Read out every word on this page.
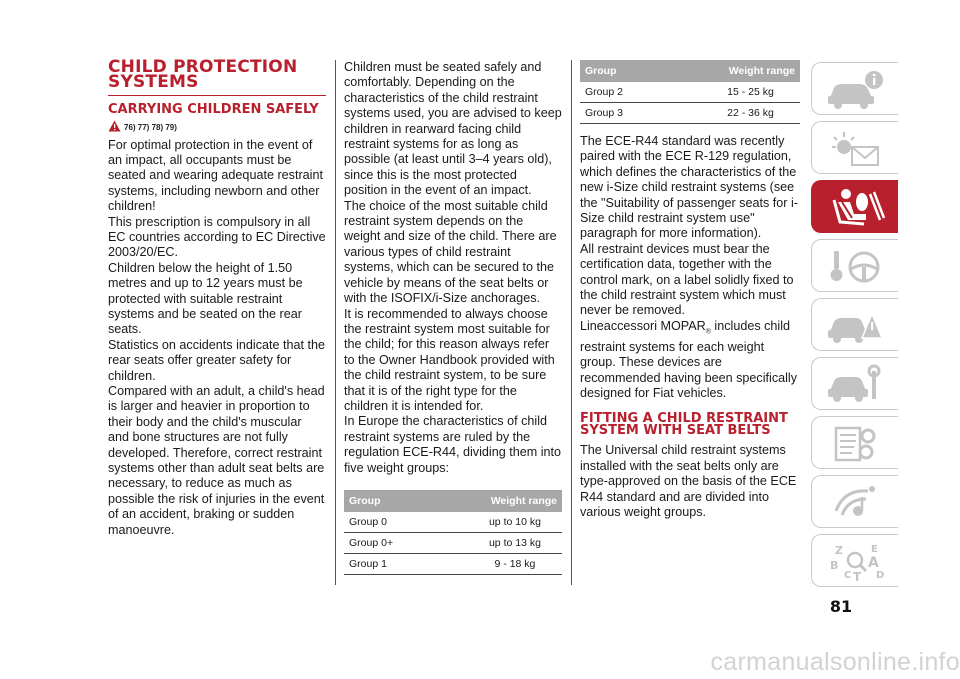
CHILD PROTECTION SYSTEMS
CARRYING CHILDREN SAFELY
76) 77) 78) 79)

For optimal protection in the event of an impact, all occupants must be seated and wearing adequate restraint systems, including newborn and other children!
This prescription is compulsory in all EC countries according to EC Directive 2003/20/EC.
Children below the height of 1.50 metres and up to 12 years must be protected with suitable restraint systems and be seated on the rear seats.
Statistics on accidents indicate that the rear seats offer greater safety for children.
Compared with an adult, a child's head is larger and heavier in proportion to their body and the child's muscular and bone structures are not fully developed. Therefore, correct restraint systems other than adult seat belts are necessary, to reduce as much as possible the risk of injuries in the event of an accident, braking or sudden manoeuvre.

Children must be seated safely and comfortably. Depending on the characteristics of the child restraint systems used, you are advised to keep children in rearward facing child restraint systems for as long as possible (at least until 3–4 years old), since this is the most protected position in the event of an impact.
The choice of the most suitable child restraint system depends on the weight and size of the child. There are various types of child restraint systems, which can be secured to the vehicle by means of the seat belts or with the ISOFIX/i-Size anchorages.
It is recommended to always choose the restraint system most suitable for the child; for this reason always refer to the Owner Handbook provided with the child restraint system, to be sure that it is of the right type for the children it is intended for.
In Europe the characteristics of child restraint systems are ruled by the regulation ECE-R44, dividing them into five weight groups:

Group	Weight range
Group 0	up to 10 kg
Group 0+	up to 13 kg
Group 1	9 - 18 kg
Group	Weight range
Group 2	15 - 25 kg
Group 3	22 - 36 kg

The ECE-R44 standard was recently paired with the ECE R-129 regulation, which defines the characteristics of the new i-Size child restraint systems (see the "Suitability of passenger seats for i-Size child restraint system use" paragraph for more information).
All restraint devices must bear the certification data, together with the control mark, on a label solidly fixed to the child restraint system which must never be removed.

Lineaccessori $MOPAR_®$ includes child restraint systems for each weight group. These devices are recommended having been specifically designed for Fiat vehicles.

FITTING A CHILD RESTRAINT SYSTEM WITH SEAT BELTS

The Universal child restraint systems installed with the seat belts only are type-approved on the basis of the ECE R44 standard and are divided into various weight groups.

Z	E
B A
C T D
81
carmanualsonline.info
